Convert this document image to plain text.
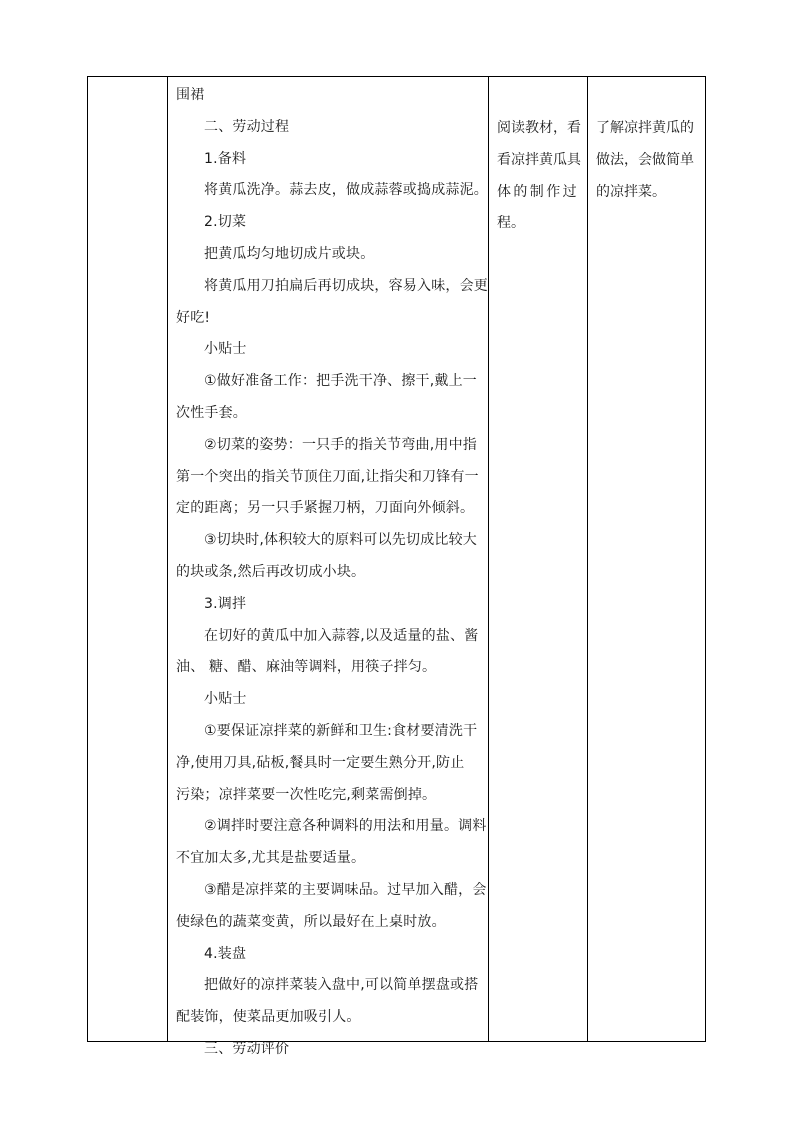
围裙
二、劳动过程
1.备料
将黄瓜洗净。蒜去皮，做成蒜蓉或捣成蒜泥。
2.切菜
把黄瓜均匀地切成片或块。
将黄瓜用刀拍扁后再切成块，容易入味，会更
好吃!
小贴士
①做好准备工作：把手洗干净、擦干,戴上一
次性手套。
②切菜的姿势：一只手的指关节弯曲,用中指
第一个突出的指关节顶住刀面,让指尖和刀锋有一
定的距离；另一只手紧握刀柄，刀面向外倾斜。
③切块时,体积较大的原料可以先切成比较大
的块或条,然后再改切成小块。
3.调拌
在切好的黄瓜中加入蒜蓉,以及适量的盐、酱
油、 糖、醋、麻油等调料，用筷子拌匀。
小贴士
①要保证凉拌菜的新鲜和卫生:食材要清洗干
净,使用刀具,砧板,餐具时一定要生熟分开,防止
污染；凉拌菜要一次性吃完,剩菜需倒掉。
②调拌时要注意各种调料的用法和用量。调料
不宜加太多,尤其是盐要适量。
③醋是凉拌菜的主要调味品。过早加入醋，会
使绿色的蔬菜变黄，所以最好在上桌时放。
4.装盘
把做好的凉拌菜装入盘中,可以简单摆盘或搭
配装饰，使菜品更加吸引人。
三、劳动评价
阅读教材，看
看凉拌黄瓜具
体的制作过
程。
了解凉拌黄瓜的
做法，会做简单
的凉拌菜。
